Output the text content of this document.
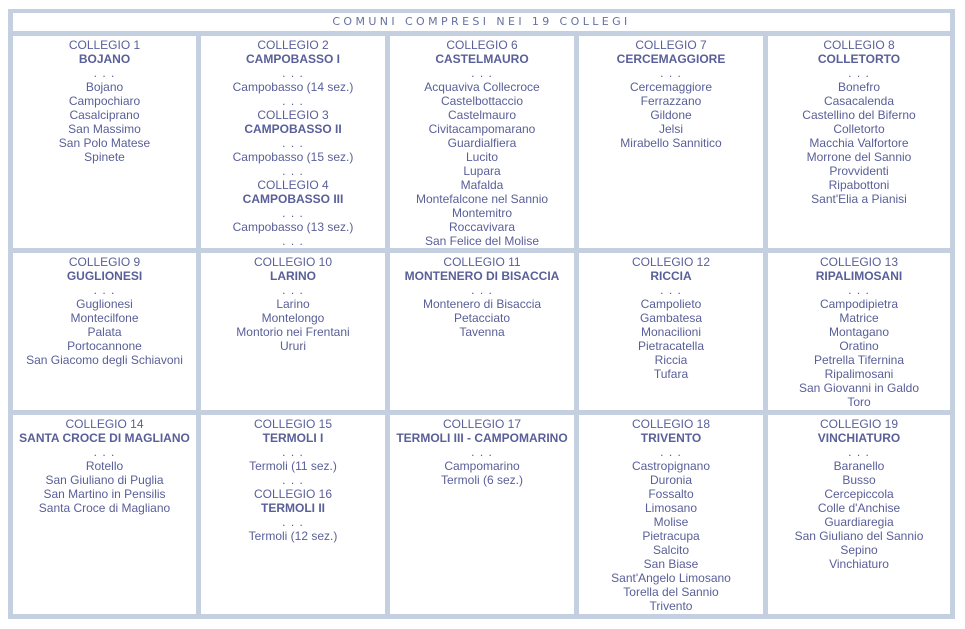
COMUNI COMPRESI NEI 19 COLLEGI
COLLEGIO 1
BOJANO
. . .
Bojano
Campochiaro
Casalciprano
San Massimo
San Polo Matese
Spinete
COLLEGIO 2
CAMPOBASSO I
. . .
Campobasso (14 sez.)
. . .
COLLEGIO 3
CAMPOBASSO II
. . .
Campobasso (15 sez.)
. . .
COLLEGIO 4
CAMPOBASSO III
. . .
Campobasso (13 sez.)
. . .
COLLEGIO 6
CASTELMAURO
. . .
Acquaviva Collecroce
Castelbottaccio
Castelmauro
Civitacampomarano
Guardialfiera
Lucito
Lupara
Mafalda
Montefalcone nel Sannio
Montemitro
Roccavivara
San Felice del Molise
COLLEGIO 7
CERCEMAGGIORE
. . .
Cercemaggiore
Ferrazzano
Gildone
Jelsi
Mirabello Sannitico
COLLEGIO 8
COLLETORTO
. . .
Bonefro
Casacalenda
Castellino del Biferno
Colletorto
Macchia Valfortore
Morrone del Sannio
Provvidenti
Ripabottoni
Sant'Elia a Pianisi
COLLEGIO 9
GUGLIONESI
. . .
Guglionesi
Montecilfone
Palata
Portocannone
San Giacomo degli Schiavoni
COLLEGIO 10
LARINO
. . .
Larino
Montelongo
Montorio nei Frentani
Ururi
COLLEGIO 11
MONTENERO DI BISACCIA
. . .
Montenero di Bisaccia
Petacciato
Tavenna
COLLEGIO 12
RICCIA
. . .
Campolieto
Gambatesa
Monacilioni
Pietracatella
Riccia
Tufara
COLLEGIO 13
RIPALIMOSANI
. . .
Campodipietra
Matrice
Montagano
Oratino
Petrella Tifernina
Ripalimosani
San Giovanni in Galdo
Toro
COLLEGIO 14
SANTA CROCE DI MAGLIANO
. . .
Rotello
San Giuliano di Puglia
San Martino in Pensilis
Santa Croce di Magliano
COLLEGIO 15
TERMOLI I
. . .
Termoli (11 sez.)
. . .
COLLEGIO 16
TERMOLI II
. . .
Termoli (12 sez.)
COLLEGIO 17
TERMOLI III - CAMPOMARINO
. . .
Campomarino
Termoli (6 sez.)
COLLEGIO 18
TRIVENTO
. . .
Castropignano
Duronia
Fossalto
Limosano
Molise
Pietracupa
Salcito
San Biase
Sant'Angelo Limosano
Torella del Sannio
Trivento
COLLEGIO 19
VINCHIATURO
. . .
Baranello
Busso
Cercepiccola
Colle d'Anchise
Guardiaregia
San Giuliano del Sannio
Sepino
Vinchiaturo
